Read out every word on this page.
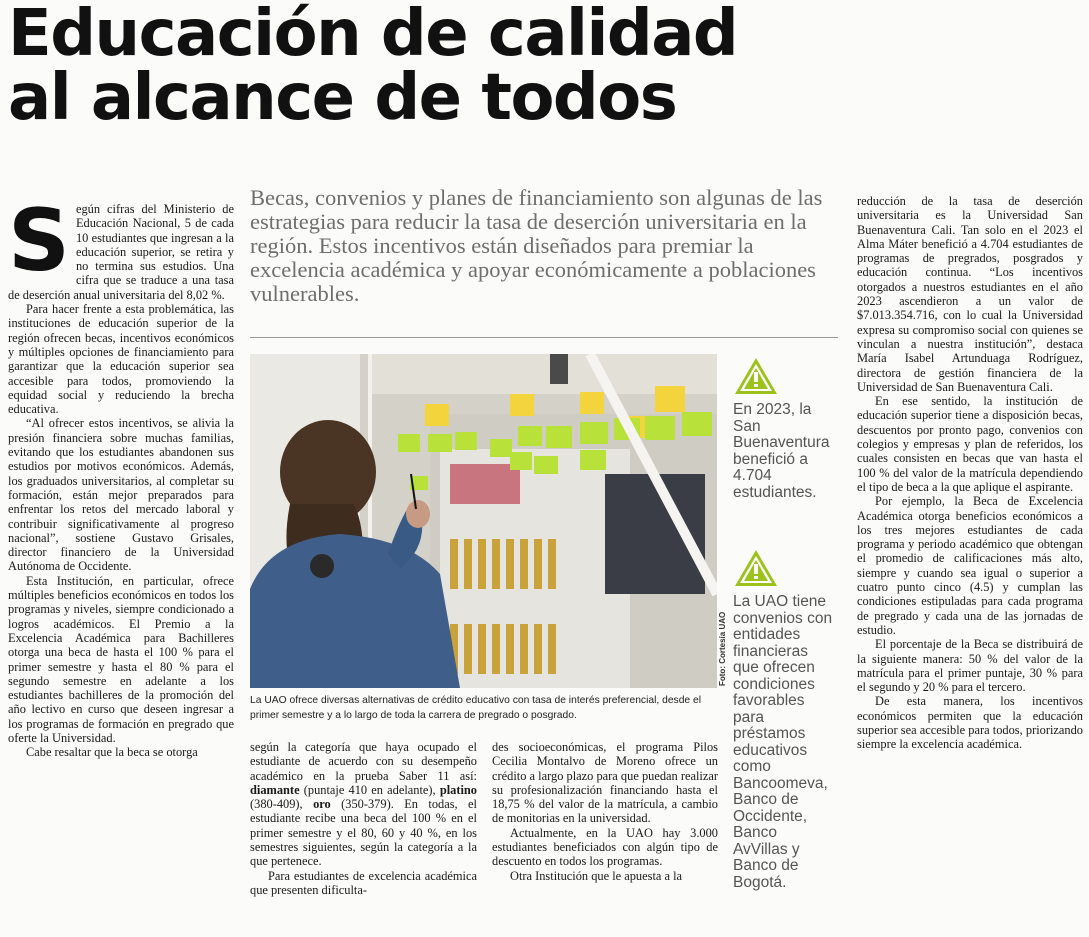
Educación de calidad
al alcance de todos
S egún cifras del Ministerio de Educación Nacional, 5 de cada 10 estudiantes que ingresan a la educación superior, se retira y no termina sus estudios. Una cifra que se traduce a una tasa de deserción anual universitaria del 8,02 %.

Para hacer frente a esta problemática, las instituciones de educación superior de la región ofrecen becas, incentivos económicos y múltiples opciones de financiamiento para garantizar que la educación superior sea accesible para todos, promoviendo la equidad social y reduciendo la brecha educativa.

“Al ofrecer estos incentivos, se alivia la presión financiera sobre muchas familias, evitando que los estudiantes abandonen sus estudios por motivos económicos. Además, los graduados universitarios, al completar su formación, están mejor preparados para enfrentar los retos del mercado laboral y contribuir significativamente al progreso nacional”, sostiene Gustavo Grisales, director financiero de la Universidad Autónoma de Occidente.

Esta Institución, en particular, ofrece múltiples beneficios económicos en todos los programas y niveles, siempre condicionado a logros académicos. El Premio a la Excelencia Académica para Bachilleres otorga una beca de hasta el 100 % para el primer semestre y hasta el 80 % para el segundo semestre en adelante a los estudiantes bachilleres de la promoción del año lectivo en curso que deseen ingresar a los programas de formación en pregrado que oferte la Universidad.

Cabe resaltar que la beca se otorga

Becas, convenios y planes de financiamiento son algunas de las estrategias para reducir la tasa de deserción universitaria en la región. Estos incentivos están diseñados para premiar la excelencia académica y apoyar económicamente a poblaciones vulnerables.
La UAO ofrece diversas alternativas de crédito educativo con tasa de interés preferencial, desde el primer semestre y a lo largo de toda la carrera de pregrado o posgrado.
Foto: Cortesía UAO
En 2023, la San Buenaventura benefició a 4.704 estudiantes.
La UAO tiene convenios con entidades financieras que ofrecen condiciones favorables para préstamos educativos como Bancoomeva, Banco de Occidente, Banco AvVillas y Banco de Bogotá.

según la categoría que haya ocupado el estudiante de acuerdo con su desempeño académico en la prueba Saber 11 así: diamante (puntaje 410 en adelante), platino (380-409), oro (350-379). En todas, el estudiante recibe una beca del 100 % en el primer semestre y el 80, 60 y 40 %, en los semestres siguientes, según la categoría a la que pertenece.

Para estudiantes de excelencia académica que presenten dificulta-

des socioeconómicas, el programa Pilos Cecilia Montalvo de Moreno ofrece un crédito a largo plazo para que puedan realizar su profesionalización financiando hasta el 18,75 % del valor de la matrícula, a cambio de monitorias en la universidad.

Actualmente, en la UAO hay 3.000 estudiantes beneficiados con algún tipo de descuento en todos los programas.

Otra Institución que le apuesta a la

reducción de la tasa de deserción universitaria es la Universidad San Buenaventura Cali. Tan solo en el 2023 el Alma Máter benefició a 4.704 estudiantes de programas de pregrados, posgrados y educación continua. “Los incentivos otorgados a nuestros estudiantes en el año 2023 ascendieron a un valor de $7.013.354.716, con lo cual la Universidad expresa su compromiso social con quienes se vinculan a nuestra institución”, destaca María Isabel Artunduaga Rodríguez, directora de gestión financiera de la Universidad de San Buenaventura Cali.

En ese sentido, la institución de educación superior tiene a disposición becas, descuentos por pronto pago, convenios con colegios y empresas y plan de referidos, los cuales consisten en becas que van hasta el 100 % del valor de la matrícula dependiendo el tipo de beca a la que aplique el aspirante.

Por ejemplo, la Beca de Excelencia Académica otorga beneficios económicos a los tres mejores estudiantes de cada programa y periodo académico que obtengan el promedio de calificaciones más alto, siempre y cuando sea igual o superior a cuatro punto cinco (4.5) y cumplan las condiciones estipuladas para cada programa de pregrado y cada una de las jornadas de estudio.

El porcentaje de la Beca se distribuirá de la siguiente manera: 50 % del valor de la matrícula para el primer puntaje, 30 % para el segundo y 20 % para el tercero.

De esta manera, los incentivos económicos permiten que la educación superior sea accesible para todos, priorizando siempre la excelencia académica.
